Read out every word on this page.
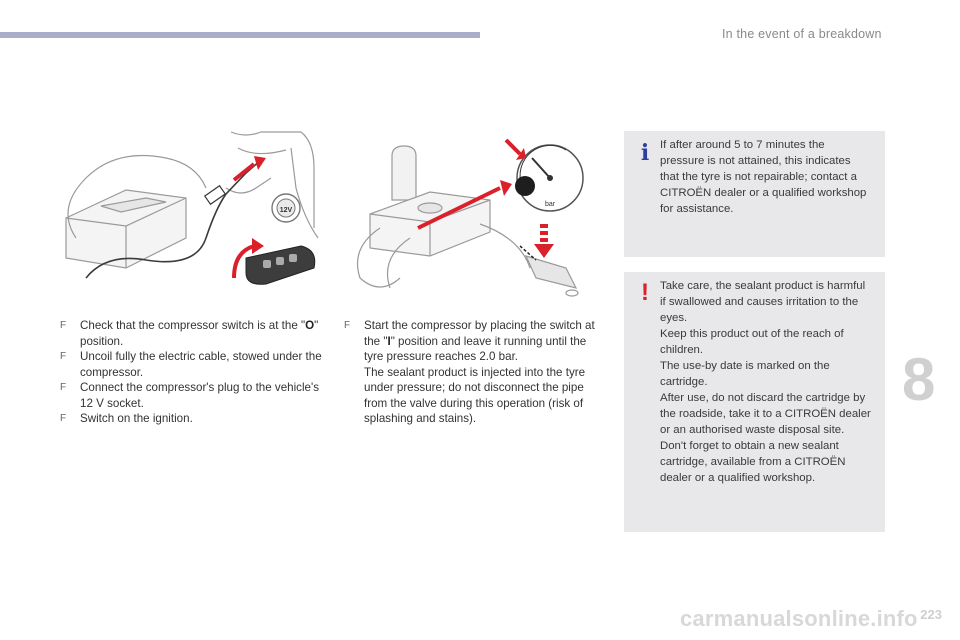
In the event of a breakdown
12V
bar

F Check that the compressor switch is at the "O" position.

F Uncoil fully the electric cable, stowed under the compressor.

F Connect the compressor's plug to the vehicle's 12 V socket.

F Switch on the ignition.

F Start the compressor by placing the switch at the "I" position and leave it running until the tyre pressure reaches 2.0 bar.

The sealant product is injected into the tyre under pressure; do not disconnect the pipe from the valve during this operation (risk of splashing and stains).

i If after around 5 to 7 minutes the pressure is not attained, this indicates that the tyre is not repairable; contact a CITROËN dealer or a qualified workshop for assistance.

! Take care, the sealant product is harmful if swallowed and causes irritation to the eyes.

Keep this product out of the reach of children.

The use-by date is marked on the cartridge.

After use, do not discard the cartridge by the roadside, take it to a CITROËN dealer or an authorised waste disposal site.

Don't forget to obtain a new sealant cartridge, available from a CITROËN dealer or a qualified workshop.

8
carmanualsonline.info 223
